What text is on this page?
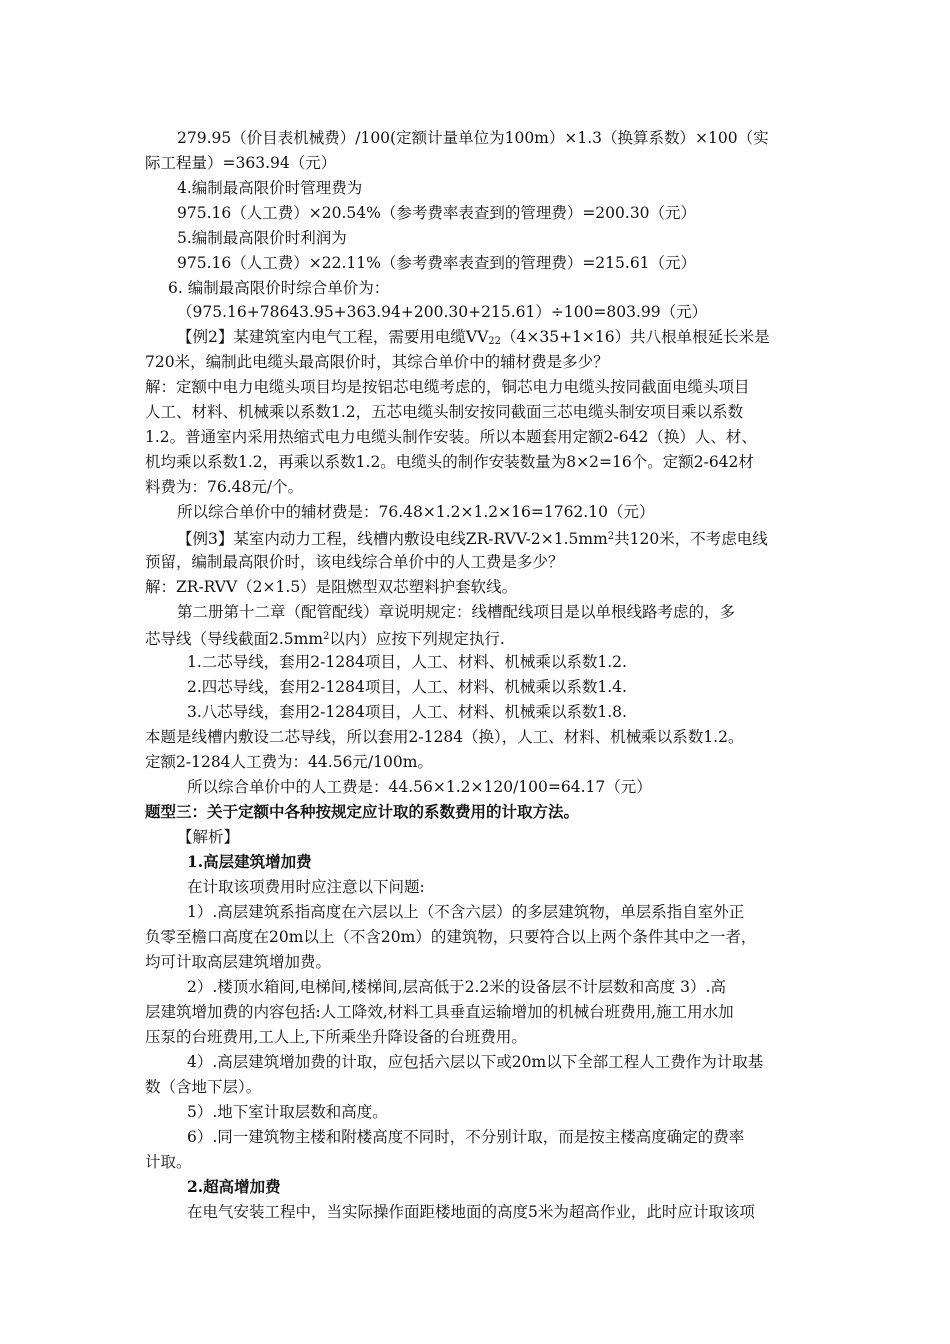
279.95（价目表机械费）/100(定额计量单位为100m）×1.3（换算系数）×100（实
际工程量）=363.94（元）
4.编制最高限价时管理费为
975.16（人工费）×20.54%（参考费率表查到的管理费）=200.30（元）
5.编制最高限价时利润为
975.16（人工费）×22.11%（参考费率表查到的管理费）=215.61（元）
6. 编制最高限价时综合单价为：
（975.16+78643.95+363.94+200.30+215.61）÷100=803.99（元）
【例2】某建筑室内电气工程，需要用电缆$VV_{22}(4\times 35+1\times 16)$共八根单根延长米是
720米，编制此电缆头最高限价时，其综合单价中的辅材费是多少？
解：定额中电力电缆头项目均是按铝芯电缆考虑的，铜芯电力电缆头按同截面电缆头项目
人工、材料、机械乘以系数1.2，五芯电缆头制安按同截面三芯电缆头制安项目乘以系数
1.2。普通室内采用热缩式电力电缆头制作安装。所以本题套用定额2-642（换）人、材、
机均乘以系数1.2，再乘以系数1.2。电缆头的制作安装数量为8×2=16个。定额2-642材
料费为：76.48元/个。
所以综合单价中的辅材费是：76.48×1.2×1.2×16=1762.10（元）
【例3】某室内动力工程，线槽内敷设电线$ZR-RVV-2\times 1.5mm^2$共120米，不考虑电线
预留，编制最高限价时，该电线综合单价中的人工费是多少？
解：ZR-RVV（2×1.5）是阻燃型双芯塑料护套软线。
第二册第十二章（配管配线）章说明规定：线槽配线项目是以单根线路考虑的，多
芯导线（导线截面$2.5mm^2$以内）应按下列规定执行.
1.二芯导线，套用2-1284项目，人工、材料、机械乘以系数1.2.
2.四芯导线，套用2-1284项目，人工、材料、机械乘以系数1.4.
3.八芯导线，套用2-1284项目，人工、材料、机械乘以系数1.8.
本题是线槽内敷设二芯导线，所以套用2-1284（换），人工、材料、机械乘以系数1.2。
定额2-1284人工费为：44.56元/100m。
所以综合单价中的人工费是：44.56×1.2×120/100=64.17（元）
题型三：关于定额中各种按规定应计取的系数费用的计取方法。
【解析】
1.高层建筑增加费
在计取该项费用时应注意以下问题:
1）.高层建筑系指高度在六层以上（不含六层）的多层建筑物，单层系指自室外正
负零至檐口高度在20m以上（不含20m）的建筑物，只要符合以上两个条件其中之一者，
均可计取高层建筑增加费。
2）.楼顶水箱间,电梯间,楼梯间,层高低于2.2米的设备层不计层数和高度 3）.高
层建筑增加费的内容包括:人工降效,材料工具垂直运输增加的机械台班费用,施工用水加
压泵的台班费用,工人上,下所乘坐升降设备的台班费用。
4）.高层建筑增加费的计取，应包括六层以下或20m以下全部工程人工费作为计取基
数（含地下层）。
5）.地下室计取层数和高度。
6）.同一建筑物主楼和附楼高度不同时，不分别计取，而是按主楼高度确定的费率
计取。
2.超高增加费
在电气安装工程中，当实际操作面距楼地面的高度5米为超高作业，此时应计取该项
